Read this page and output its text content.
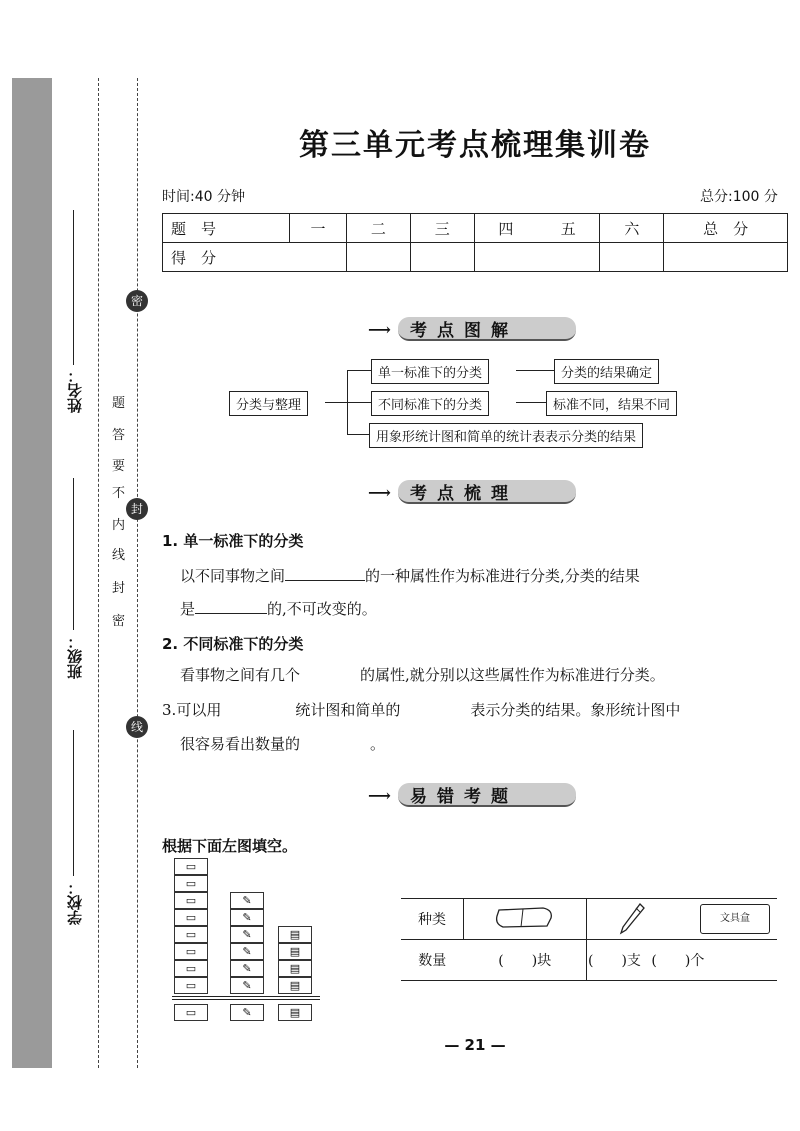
姓名：
班级：
学校：
密
封
线
密
封
线
内
不
要
答
题
第三单元考点梳理集训卷
时间:40 分钟	总分:100 分
题　号	一	二	三	四	五	六	总　分
得　分							
⟶ 考点图解
分类与整理
单一标准下的分类	分类的结果确定
不同标准下的分类	标准不同，结果不同
用象形统计图和简单的统计表表示分类的结果
⟶ 考点梳理
1. 单一标准下的分类
以不同事物之间	的一种属性作为标准进行分类,分类的结果
是	的,不可改变的。
2. 不同标准下的分类
看事物之间有几个	的属性,就分别以这些属性作为标准进行分类。
3.可以用	统计图和简单的	表示分类的结果。象形统计图中
很容易看出数量的	。
⟶ 易错考题
根据下面左图填空。
▭
▭
▭
▭
▭
▭
▭
▭
▭
✎
✎
✎
✎
✎
✎
✎
▤
▤
▤
▤
▤
种类		文具盒

数量	(　　)块	(　　)支 (　　)个
— 21 —
